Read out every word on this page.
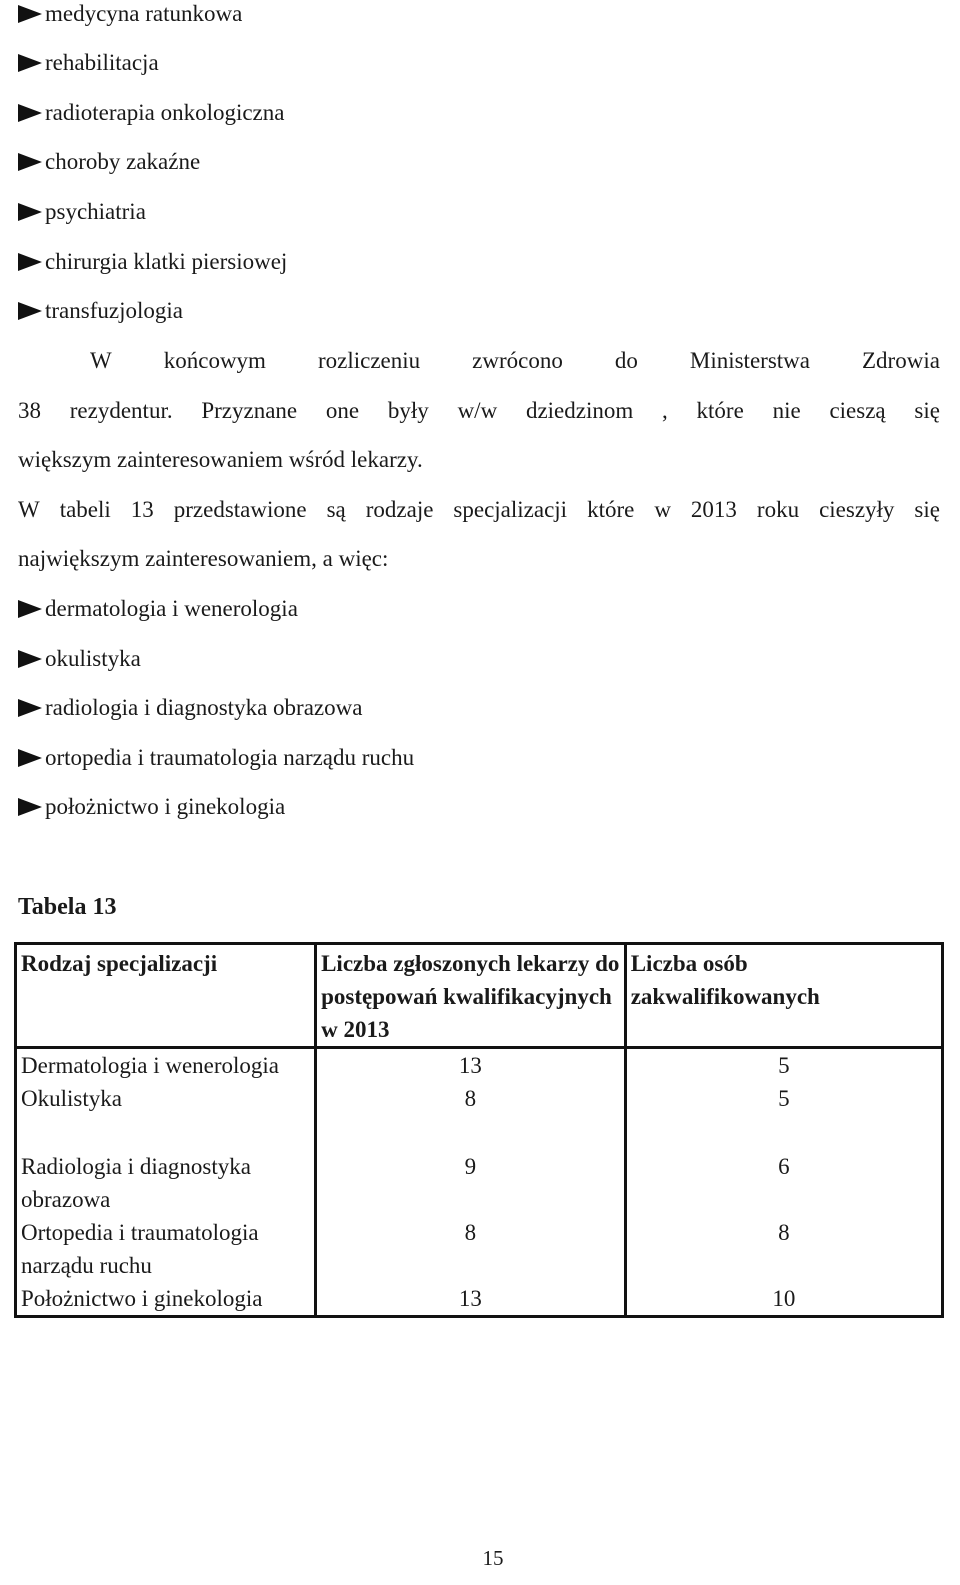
medycyna ratunkowa
rehabilitacja
radioterapia onkologiczna
choroby zakaźne
psychiatria
chirurgia klatki piersiowej
transfuzjologia
W końcowym rozliczeniu zwrócono do Ministerstwa Zdrowia
38 rezydentur. Przyznane one były w/w dziedzinom , które nie cieszą się
większym zainteresowaniem wśród lekarzy.
W tabeli 13 przedstawione są rodzaje specjalizacji które w 2013 roku cieszyły się
największym zainteresowaniem, a więc:
dermatologia i wenerologia
okulistyka
radiologia i diagnostyka obrazowa
ortopedia i traumatologia narządu ruchu
położnictwo i ginekologia
Tabela 13
Rodzaj specjalizacji	Liczba zgłoszonych lekarzy do postępowań kwalifikacyjnych w 2013	Liczba osób zakwalifikowanych
Dermatologia i wenerologia	13	5
Okulistyka	8	5
Radiologia i diagnostyka obrazowa	9	6
Ortopedia i traumatologia narządu ruchu	8	8
Położnictwo i ginekologia	13	10
15
